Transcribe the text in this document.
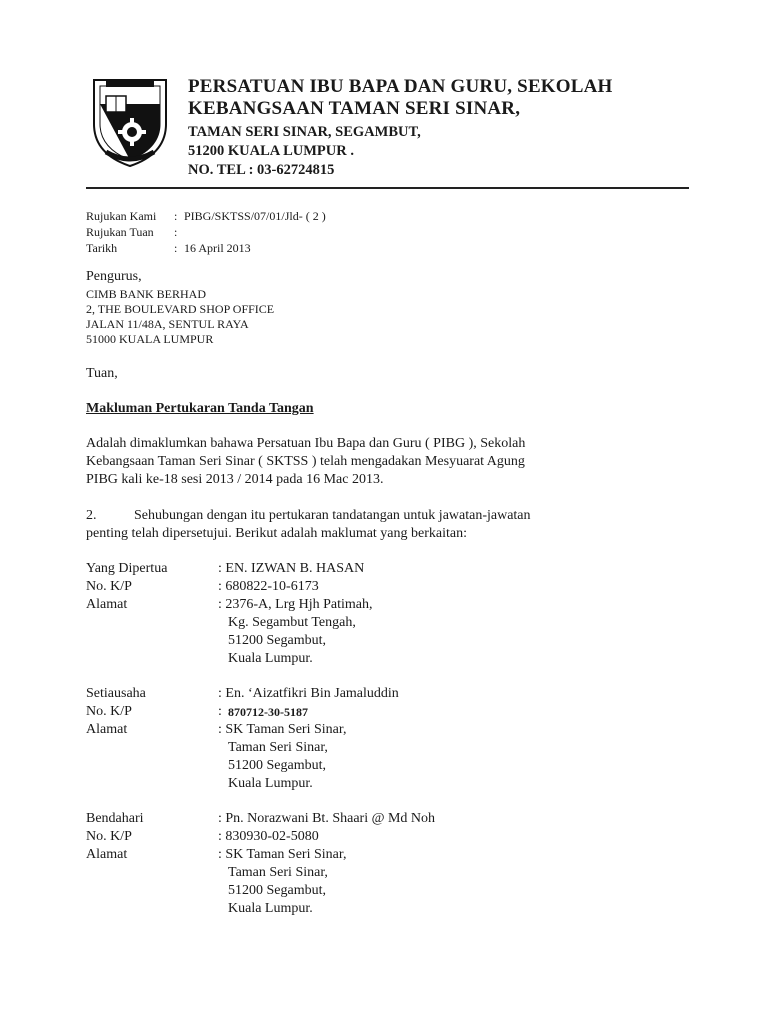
PERSATUAN IBU BAPA DAN GURU, SEKOLAH
KEBANGSAAN TAMAN SERI SINAR,
TAMAN SERI SINAR, SEGAMBUT,
51200 KUALA LUMPUR .
NO. TEL : 03-62724815
Rujukan Kami	: PIBG/SKTSS/07/01/Jld- ( 2 )
Rujukan Tuan	:
Tarikh	: 16 April 2013
Pengurus,
CIMB BANK BERHAD
2, THE BOULEVARD SHOP OFFICE
JALAN 11/48A, SENTUL RAYA
51000 KUALA LUMPUR
Tuan,
Makluman Pertukaran Tanda Tangan
Adalah dimaklumkan bahawa Persatuan Ibu Bapa dan Guru ( PIBG ), Sekolah
Kebangsaan Taman Seri Sinar ( SKTSS ) telah mengadakan Mesyuarat Agung
PIBG kali ke-18 sesi 2013 / 2014 pada 16 Mac 2013.
2.	Sehubungan dengan itu pertukaran tandatangan untuk jawatan-jawatan
penting telah dipersetujui. Berikut adalah maklumat yang berkaitan:
Yang Dipertua	: EN. IZWAN B. HASAN
No. K/P	: 680822-10-6173
Alamat	: 2376-A, Lrg Hjh Patimah,
Kg. Segambut Tengah,
51200 Segambut,
Kuala Lumpur.
Setiausaha	: En. ‘Aizatfikri Bin Jamaluddin
No. K/P	: 870712-30-5187
Alamat	: SK Taman Seri Sinar,
Taman Seri Sinar,
51200 Segambut,
Kuala Lumpur.
Bendahari	: Pn. Norazwani Bt. Shaari @ Md Noh
No. K/P	: 830930-02-5080
Alamat	: SK Taman Seri Sinar,
Taman Seri Sinar,
51200 Segambut,
Kuala Lumpur.
